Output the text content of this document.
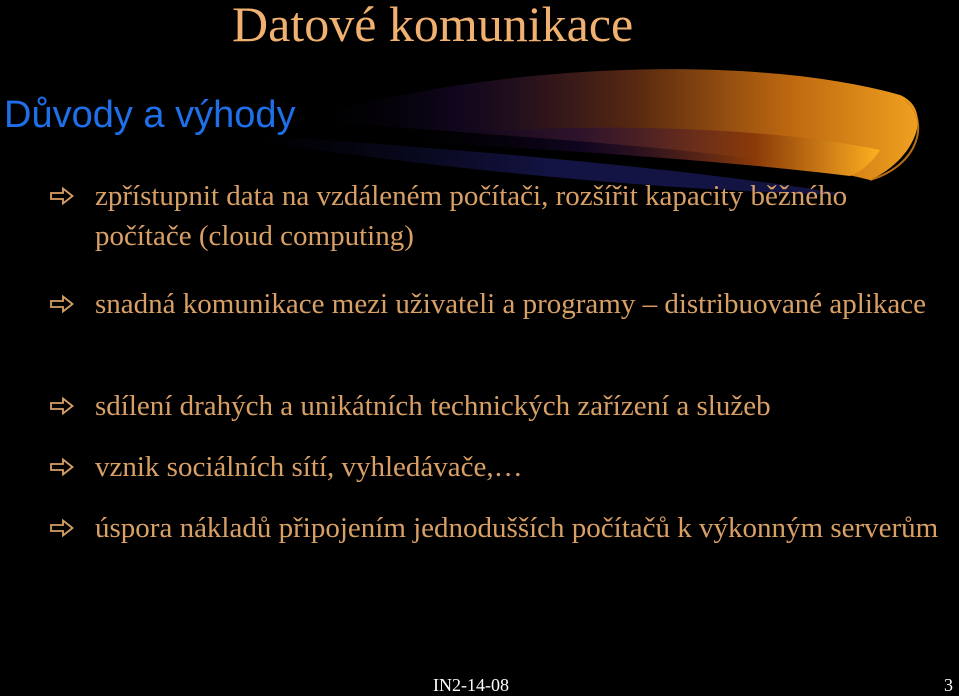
Datové komunikace
Důvody a výhody
zpřístupnit data na vzdáleném počítači, rozšířit kapacity běžného počítače (cloud computing)
snadná komunikace mezi uživateli a programy – distribuované aplikace
sdílení drahých a unikátních technických zařízení a služeb
vznik sociálních sítí, vyhledávače,…
úspora nákladů připojením jednodušších počítačů k výkonným serverům
IN2-14-08	3
